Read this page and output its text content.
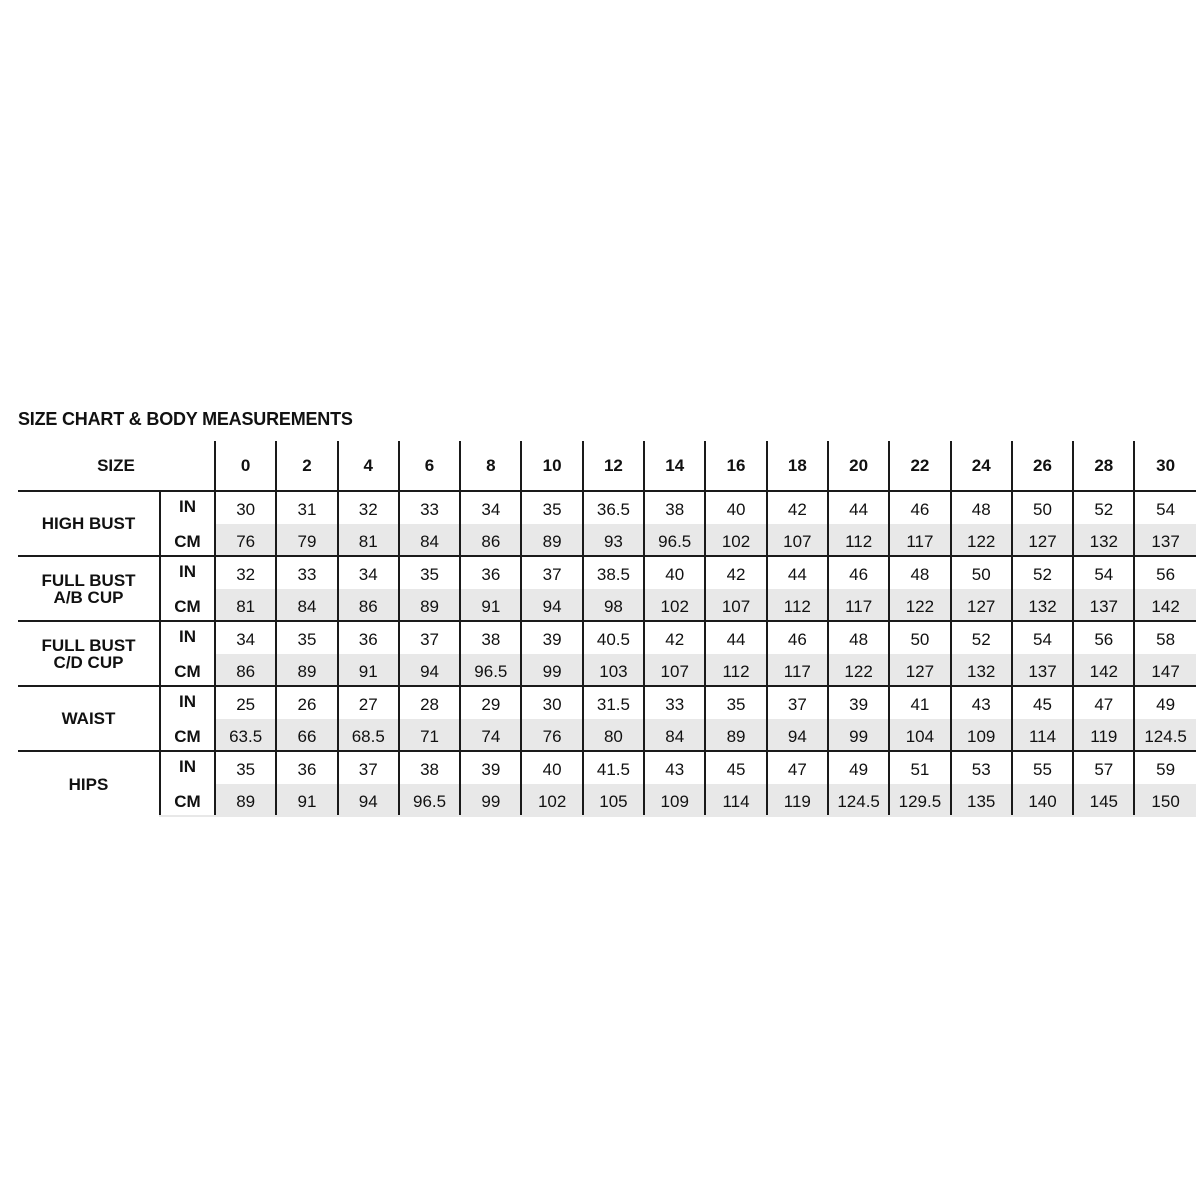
SIZE CHART & BODY MEASUREMENTS
SIZE		0	2	4	6	8	10	12	14	16	18	20	22	24	26	28	30
HIGH BUST	IN	30	31	32	33	34	35	36.5	38	40	42	44	46	48	50	52	54
	CM	76	79	81	84	86	89	93	96.5	102	107	112	117	122	127	132	137
FULL BUST
A/B CUP	IN	32	33	34	35	36	37	38.5	40	42	44	46	48	50	52	54	56
	CM	81	84	86	89	91	94	98	102	107	112	117	122	127	132	137	142
FULL BUST
C/D CUP	IN	34	35	36	37	38	39	40.5	42	44	46	48	50	52	54	56	58
	CM	86	89	91	94	96.5	99	103	107	112	117	122	127	132	137	142	147
WAIST	IN	25	26	27	28	29	30	31.5	33	35	37	39	41	43	45	47	49
	CM	63.5	66	68.5	71	74	76	80	84	89	94	99	104	109	114	119	124.5
HIPS	IN	35	36	37	38	39	40	41.5	43	45	47	49	51	53	55	57	59
	CM	89	91	94	96.5	99	102	105	109	114	119	124.5	129.5	135	140	145	150
